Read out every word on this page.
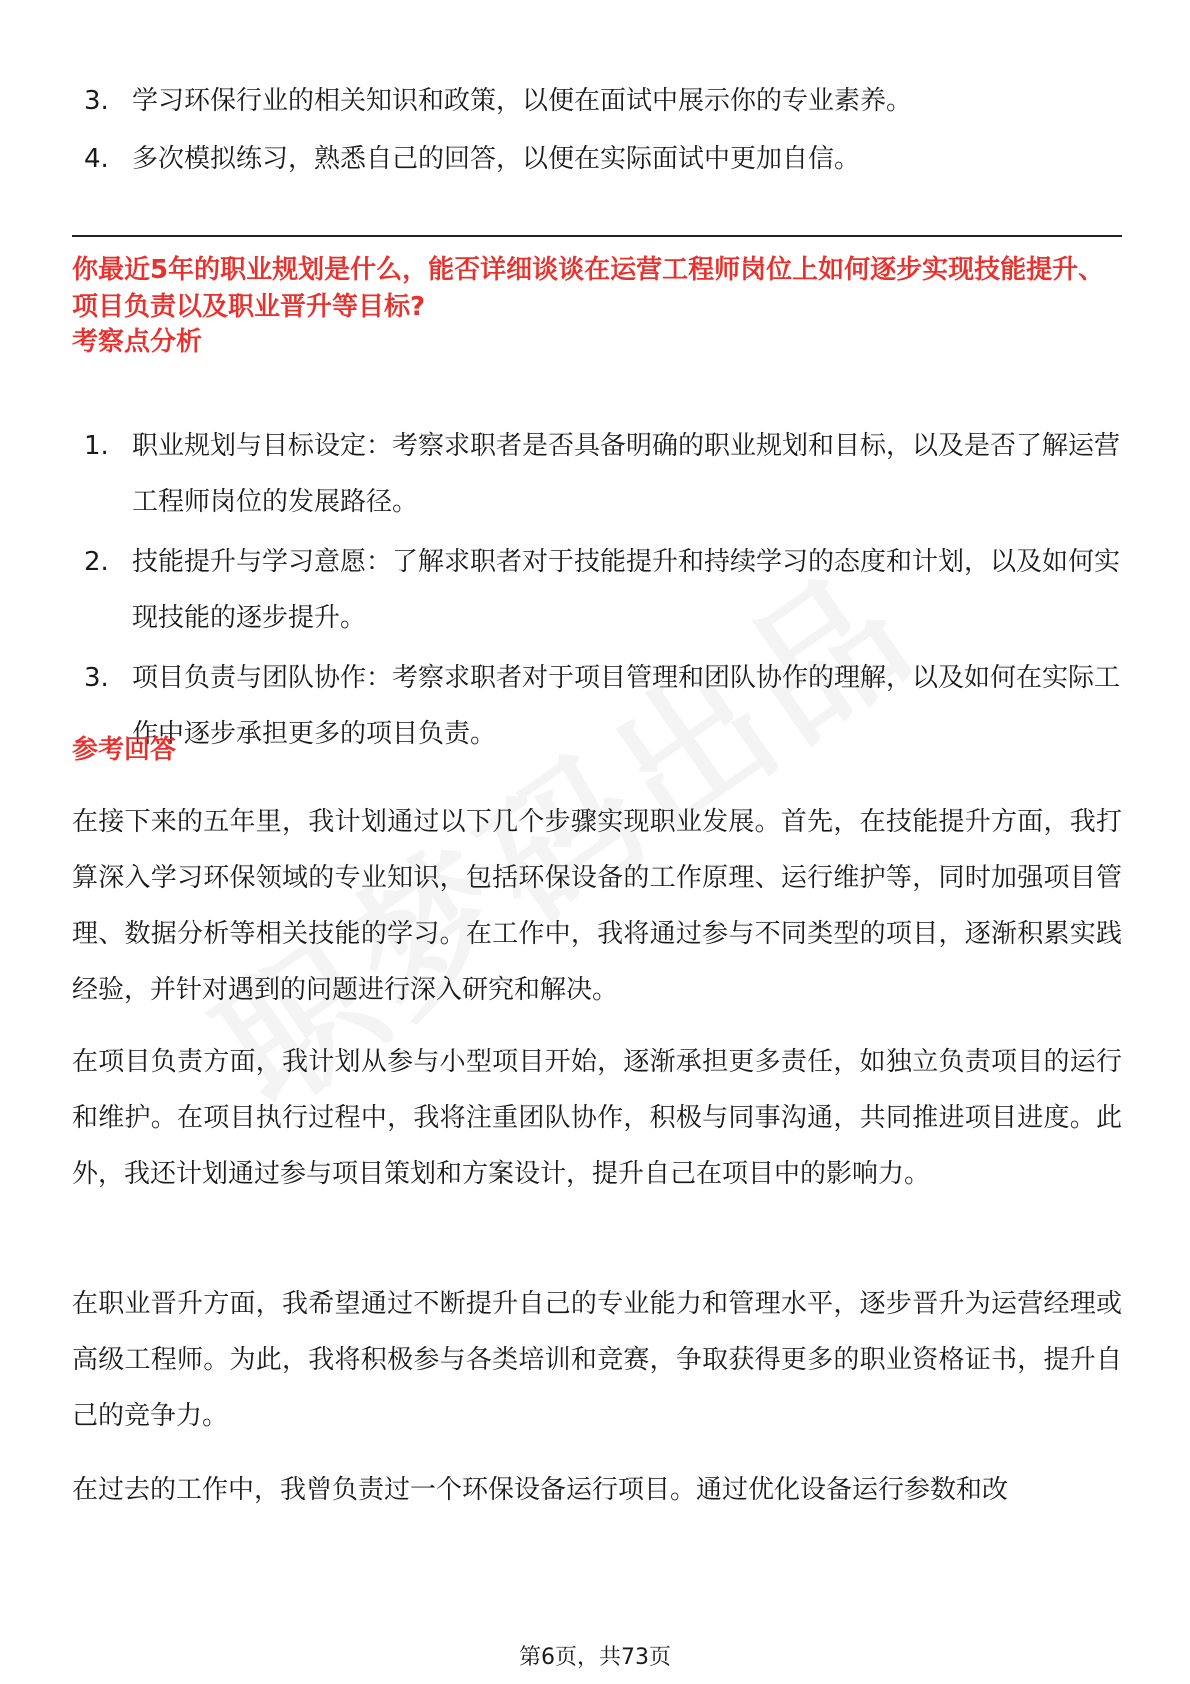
3. 学习环保行业的相关知识和政策，以便在面试中展示你的专业素养。
4. 多次模拟练习，熟悉自己的回答，以便在实际面试中更加自信。
你最近5年的职业规划是什么，能否详细谈谈在运营工程师岗位上如何逐步实现技能提升、项目负责以及职业晋升等目标?
考察点分析
1. 职业规划与目标设定：考察求职者是否具备明确的职业规划和目标，以及是否了解运营工程师岗位的发展路径。
2. 技能提升与学习意愿：了解求职者对于技能提升和持续学习的态度和计划，以及如何实现技能的逐步提升。
3. 项目负责与团队协作：考察求职者对于项目管理和团队协作的理解，以及如何在实际工作中逐步承担更多的项目负责。
参考回答
在接下来的五年里，我计划通过以下几个步骤实现职业发展。首先，在技能提升方面，我打算深入学习环保领域的专业知识，包括环保设备的工作原理、运行维护等，同时加强项目管理、数据分析等相关技能的学习。在工作中，我将通过参与不同类型的项目，逐渐积累实践经验，并针对遇到的问题进行深入研究和解决。
在项目负责方面，我计划从参与小型项目开始，逐渐承担更多责任，如独立负责项目的运行和维护。在项目执行过程中，我将注重团队协作，积极与同事沟通，共同推进项目进度。此外，我还计划通过参与项目策划和方案设计，提升自己在项目中的影响力。
在职业晋升方面，我希望通过不断提升自己的专业能力和管理水平，逐步晋升为运营经理或高级工程师。为此，我将积极参与各类培训和竞赛，争取获得更多的职业资格证书，提升自己的竞争力。
在过去的工作中，我曾负责过一个环保设备运行项目。通过优化设备运行参数和改
第6页，共73页
